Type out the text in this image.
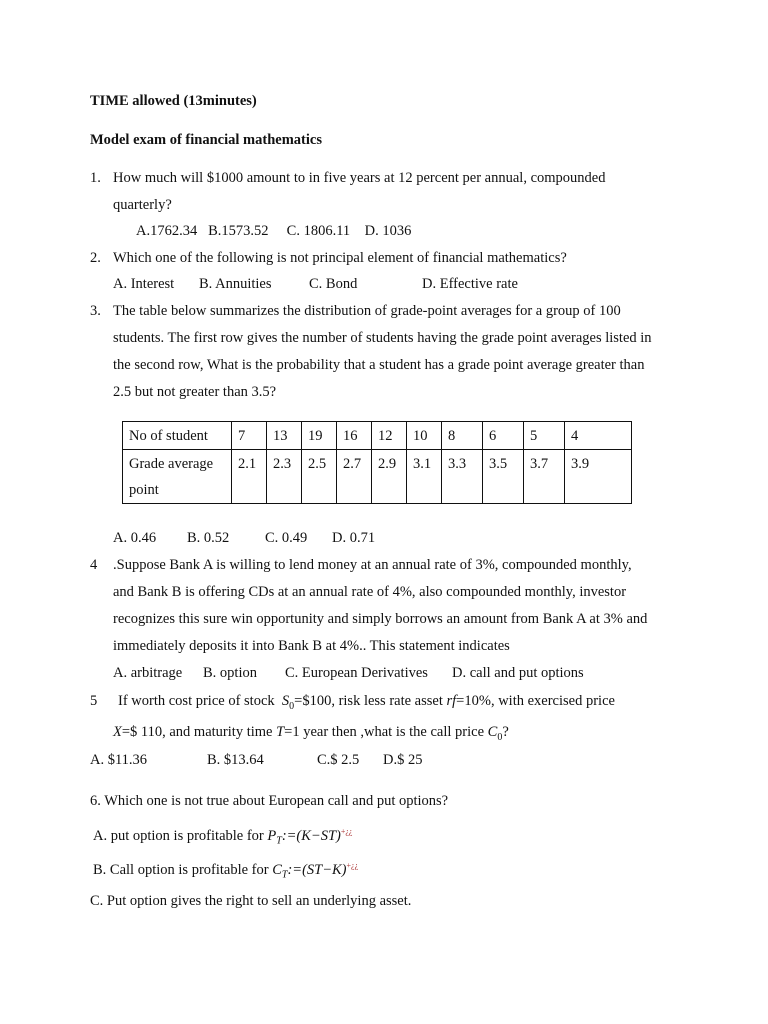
TIME allowed (13minutes)
Model exam of financial mathematics
1. How much will $1000 amount to in five years at 12 percent per annual, compounded
quarterly?
A.1762.34   B.1573.52     C. 1806.11    D. 1036
2. Which one of the following is not principal element of financial mathematics?
A. Interest B. Annuities	C. Bond	D. Effective rate
3. The table below summarizes the distribution of grade-point averages for a group of 100
students. The first row gives the number of students having the grade point averages listed in
the second row, What is the probability that a student has a grade point average greater than
2.5 but not greater than 3.5?
No of student	7	13	19	16	12	10	8	6	5	4
Grade average
point	2.1	2.3	2.5	2.7	2.9	3.1	3.3	3.5	3.7	3.9
A. 0.46 B. 0.52 C. 0.49 D. 0.71
4 .Suppose Bank A is willing to lend money at an annual rate of 3%, compounded monthly,
and Bank B is offering CDs at an annual rate of 4%, also compounded monthly, investor
recognizes this sure win opportunity and simply borrows an amount from Bank A at 3% and
immediately deposits it into Bank B at 4%.. This statement indicates
A. arbitrage B. option C. European Derivatives D. call and put options
5 If worth cost price of stock $S_0=\$100$, risk less rate asset rf=10%, with exercised price
X=$ 110, and maturity time T=1 year then ,what is the call price $C_0$?
A. $11.36	B. $13.64	C.$ 2.5 D.$ 25
6. Which one is not true about European call and put options?
A. put option is profitable for $P_T:=(K-ST)^{+¿¿}$
B. Call option is profitable for $C_T:=(ST-K)^{+¿¿}$
C. Put option gives the right to sell an underlying asset.
